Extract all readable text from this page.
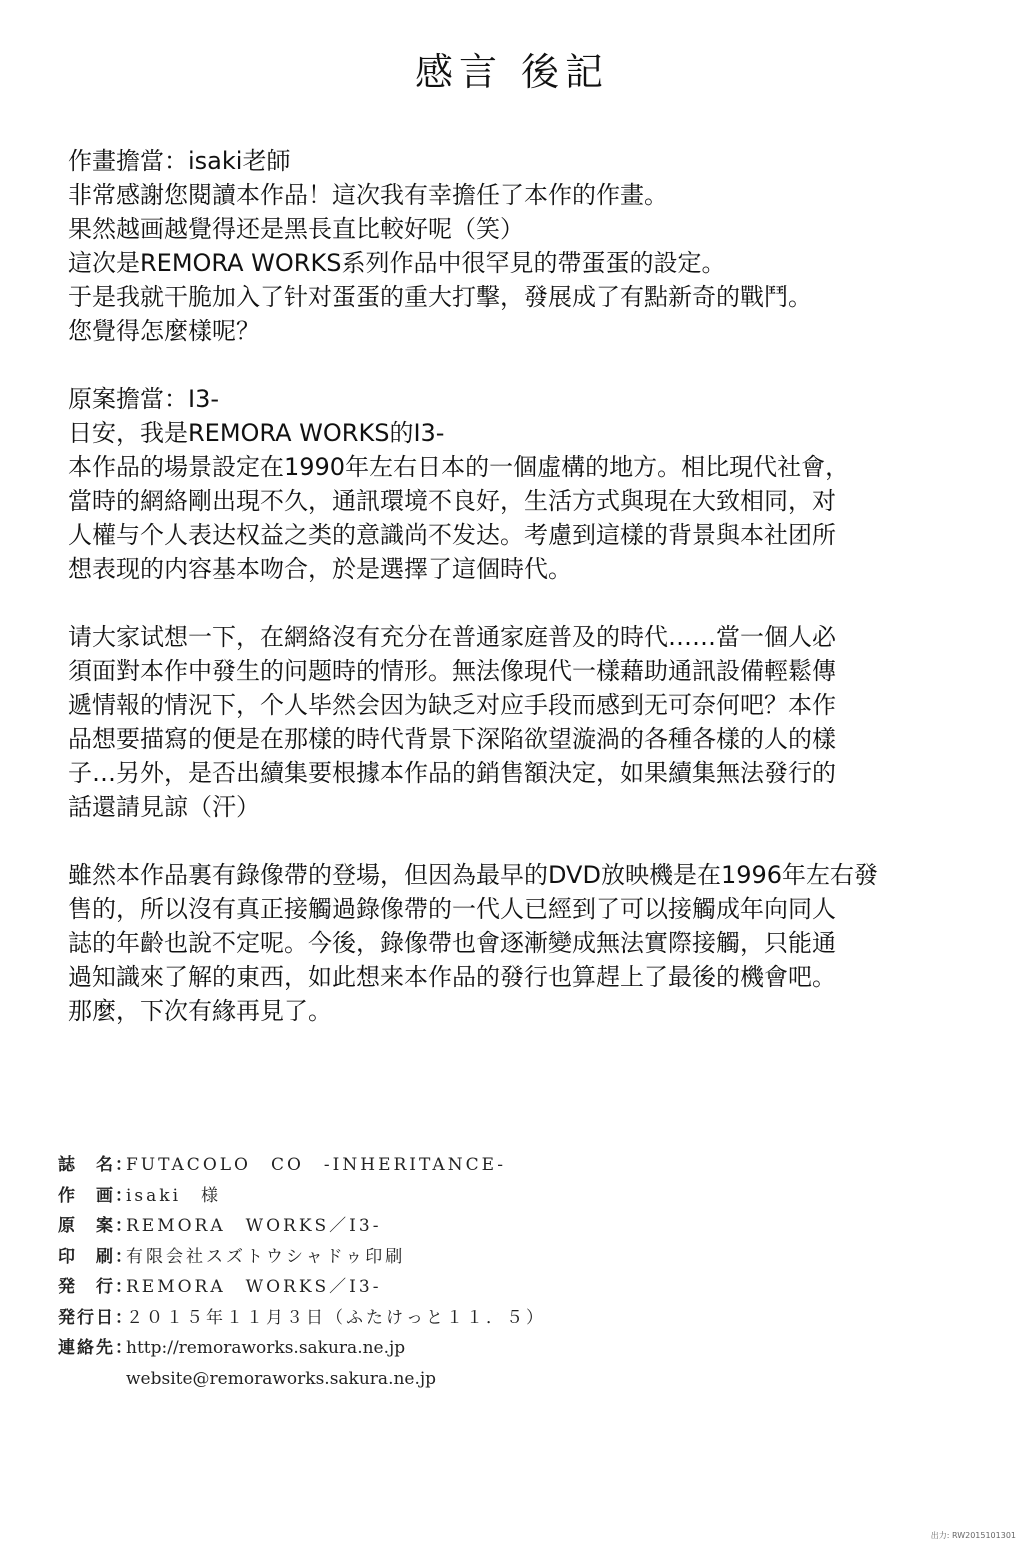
感言 後記

作畫擔當：isaki老師

非常感謝您閱讀本作品！這次我有幸擔任了本作的作畫。

果然越画越覺得还是黑長直比較好呢（笑）

這次是REMORA WORKS系列作品中很罕見的帶蛋蛋的設定。

于是我就干脆加入了针对蛋蛋的重大打擊，發展成了有點新奇的戰鬥。

您覺得怎麼樣呢？

原案擔當：I3-

日安，我是REMORA WORKS的I3-

本作品的場景設定在1990年左右日本的一個虛構的地方。相比現代社會，

當時的網絡剛出現不久，通訊環境不良好，生活方式與現在大致相同，对

人權与个人表达权益之类的意識尚不发达。考慮到這樣的背景與本社团所

想表现的内容基本吻合，於是選擇了這個時代。

请大家试想一下，在網絡沒有充分在普通家庭普及的時代……當一個人必

須面對本作中發生的问题時的情形。無法像現代一樣藉助通訊設備輕鬆傳

遞情報的情況下，个人毕然会因为缺乏对应手段而感到无可奈何吧？本作

品想要描寫的便是在那樣的時代背景下深陷欲望漩渦的各種各樣的人的樣

子…另外，是否出續集要根據本作品的銷售額決定，如果續集無法發行的

話還請見諒（汗）

雖然本作品裏有錄像帶的登場，但因為最早的DVD放映機是在1996年左右發

售的，所以沒有真正接觸過錄像帶的一代人已經到了可以接觸成年向同人

誌的年齡也說不定呢。今後，錄像帶也會逐漸變成無法實際接觸，只能通

過知識來了解的東西，如此想来本作品的發行也算趕上了最後的機會吧。

那麼，下次有緣再見了。

誌　名：
FUTACOLO　CO　-INHERITANCE-
作　画：
isaki　様
原　案：
REMORA　WORKS／I3-
印　刷：
有限会社スズトウシャドゥ印刷
発　行：
REMORA　WORKS／I3-
発行日：
２０１５年１１月３日（ふたけっと１１．５）
連絡先：
http://remoraworks.sakura.ne.jp
website@remoraworks.sakura.ne.jp
出力: RW2015101301
